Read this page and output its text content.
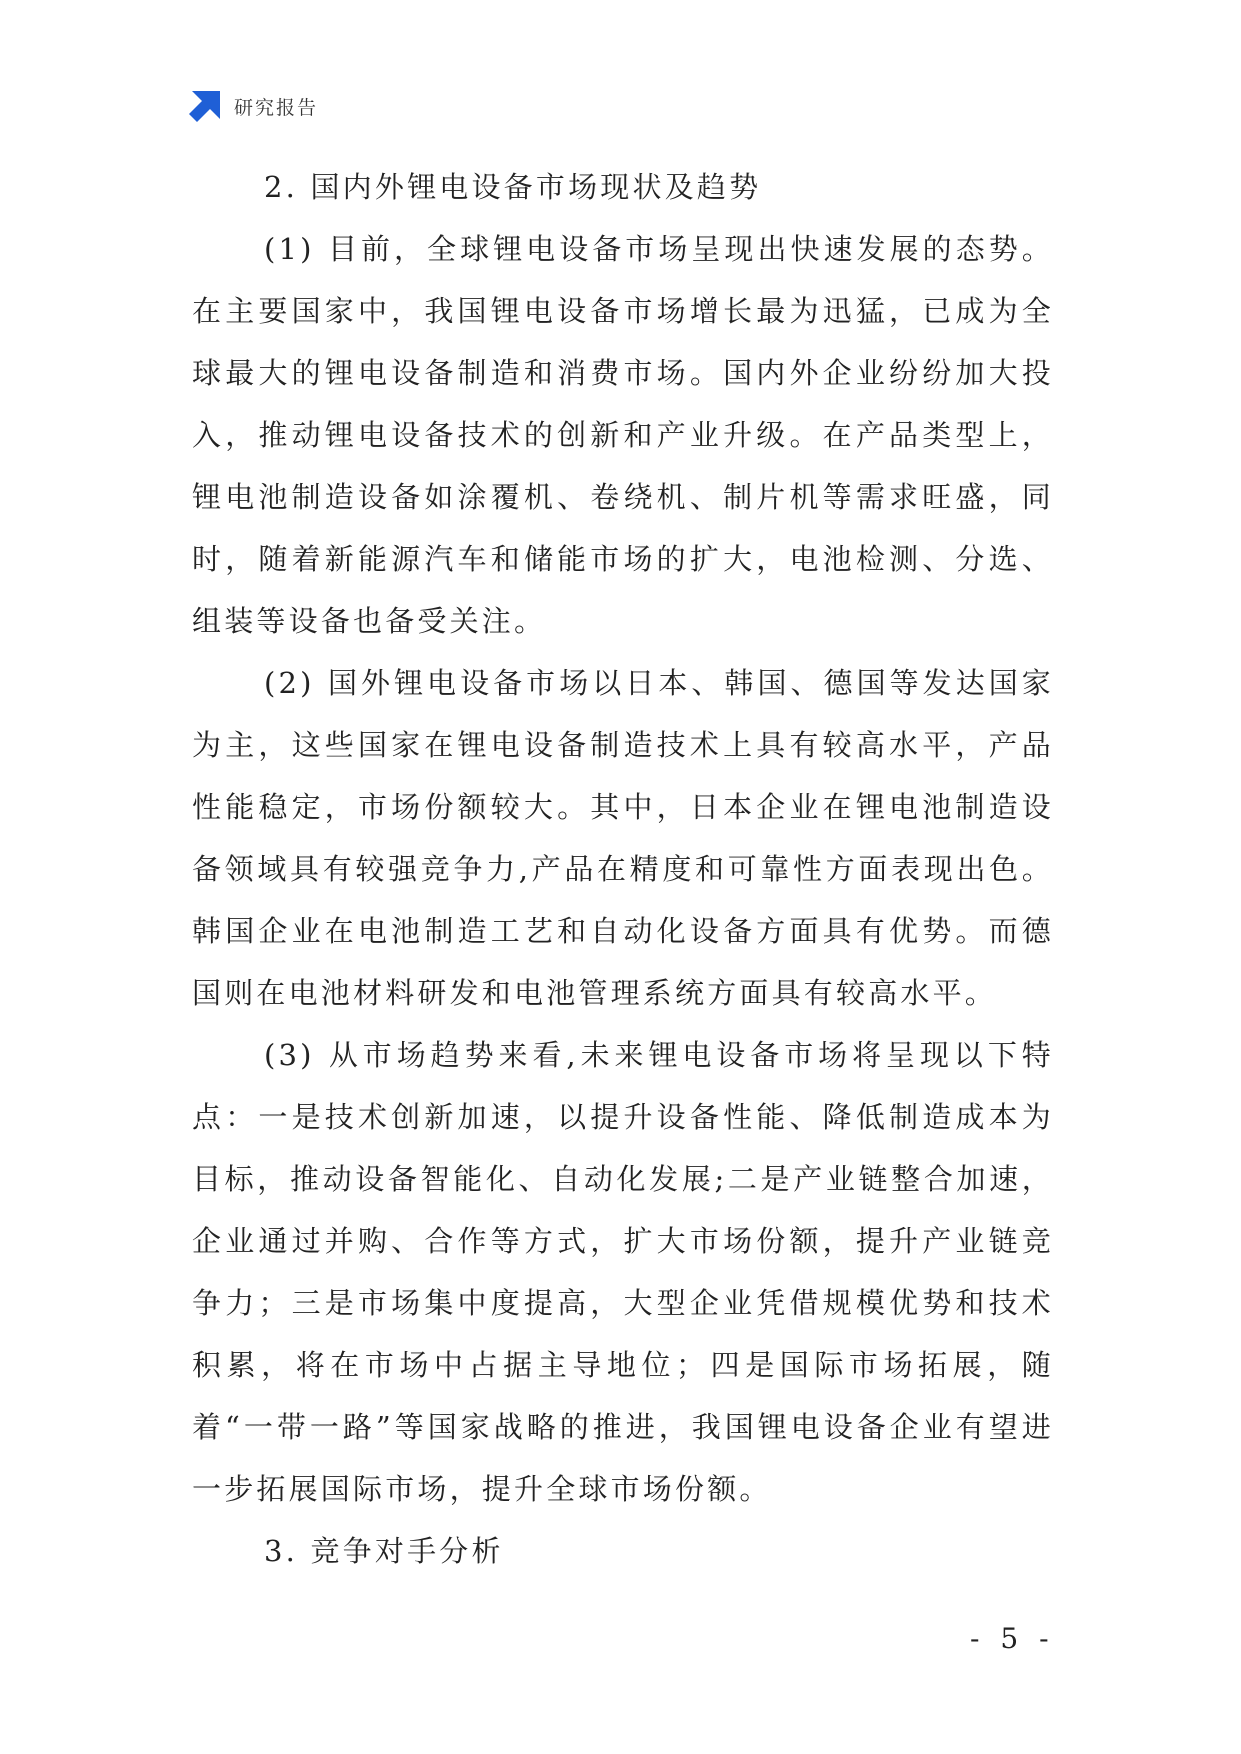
研究报告

2. 国内外锂电设备市场现状及趋势

(1) 目前，全球锂电设备市场呈现出快速发展的态势。在主要国家中，我国锂电设备市场增长最为迅猛，已成为全球最大的锂电设备制造和消费市场。国内外企业纷纷加大投入，推动锂电设备技术的创新和产业升级。在产品类型上，锂电池制造设备如涂覆机、卷绕机、制片机等需求旺盛，同时，随着新能源汽车和储能市场的扩大，电池检测、分选、组装等设备也备受关注。

(2) 国外锂电设备市场以日本、韩国、德国等发达国家为主，这些国家在锂电设备制造技术上具有较高水平，产品性能稳定，市场份额较大。其中，日本企业在锂电池制造设备领域具有较强竞争力,产品在精度和可靠性方面表现出色。韩国企业在电池制造工艺和自动化设备方面具有优势。而德国则在电池材料研发和电池管理系统方面具有较高水平。

(3) 从市场趋势来看,未来锂电设备市场将呈现以下特点：一是技术创新加速，以提升设备性能、降低制造成本为目标，推动设备智能化、自动化发展;二是产业链整合加速，企业通过并购、合作等方式，扩大市场份额，提升产业链竞争力；三是市场集中度提高，大型企业凭借规模优势和技术积累，将在市场中占据主导地位；四是国际市场拓展，随着“一带一路”等国家战略的推进，我国锂电设备企业有望进一步拓展国际市场，提升全球市场份额。

3. 竞争对手分析

- 5 -
